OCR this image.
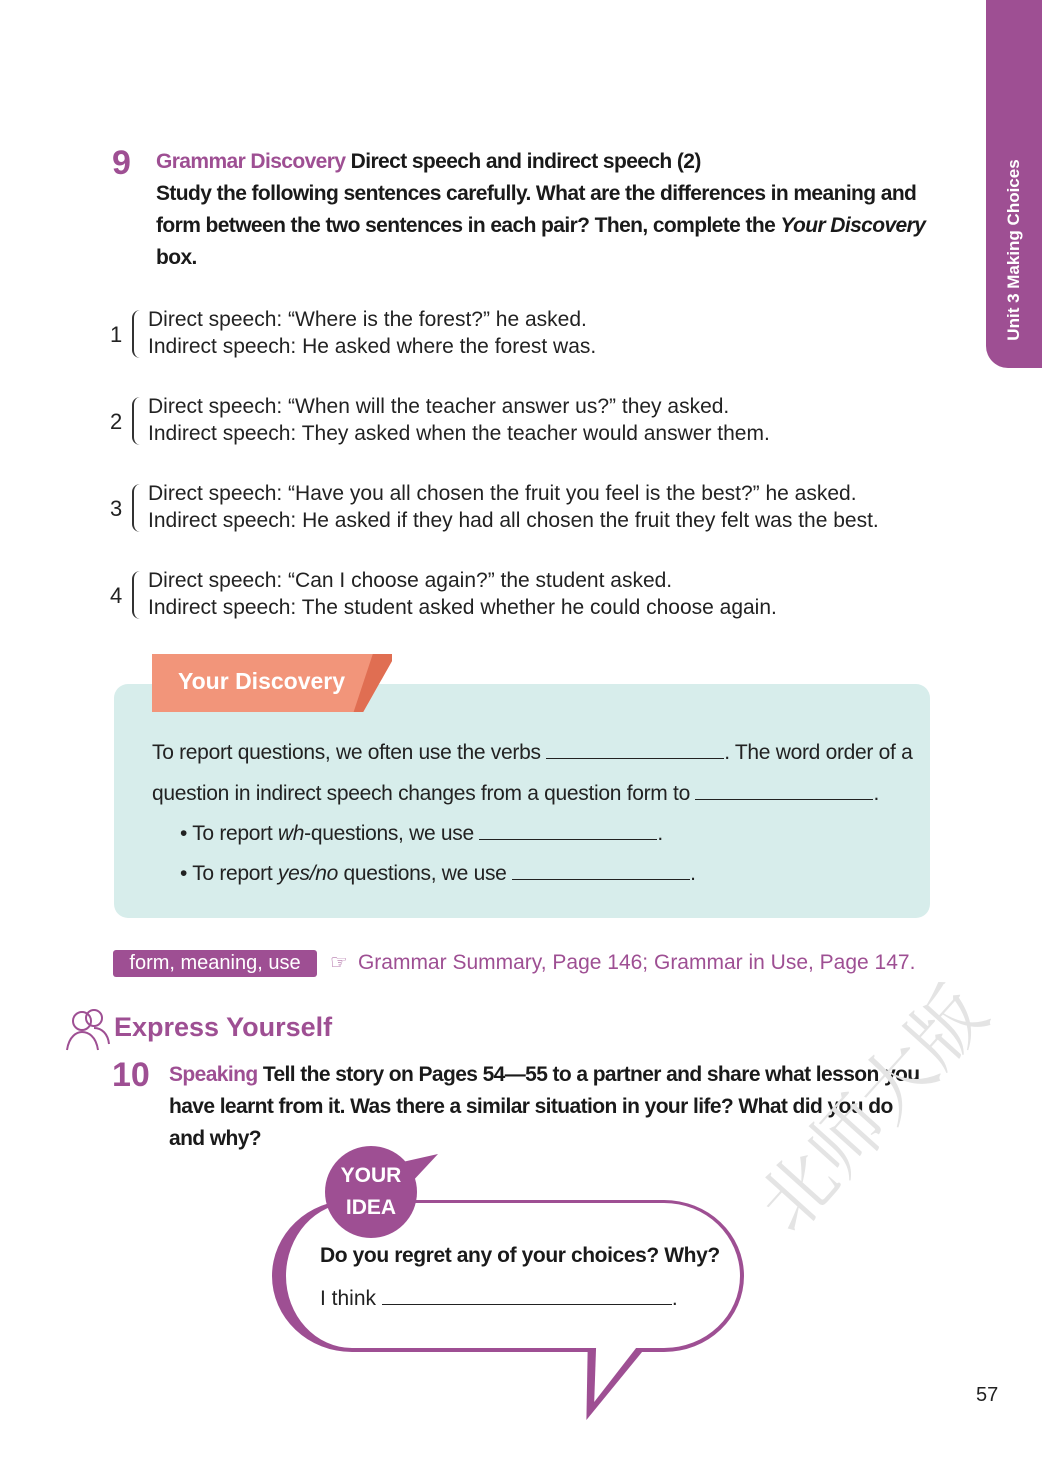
Unit 3 Making Choices
9 Grammar Discovery Direct speech and indirect speech (2)
Study the following sentences carefully. What are the differences in meaning and
form between the two sentences in each pair? Then, complete the Your Discovery
box.
1
Direct speech: “Where is the forest?” he asked.
Indirect speech: He asked where the forest was.
2
Direct speech: “When will the teacher answer us?” they asked.
Indirect speech: They asked when the teacher would answer them.
3
Direct speech: “Have you all chosen the fruit you feel is the best?” he asked.
Indirect speech: He asked if they had all chosen the fruit they felt was the best.
4
Direct speech: “Can I choose again?” the student asked.
Indirect speech: The student asked whether he could choose again.
Your Discovery
To report questions, we often use the verbs	. The word order of a
question in indirect speech changes from a question form to	.
• To report wh-questions, we use	.
• To report yes/no questions, we use	.
form, meaning, use	☞ Grammar Summary, Page 146; Grammar in Use, Page 147.
Express Yourself
10 Speaking Tell the story on Pages 54—55 to a partner and share what lesson you
have learnt from it. Was there a similar situation in your life? What did you do
and why?
YOUR
IDEA
Do you regret any of your choices? Why?
I think	.
北师大版
57
